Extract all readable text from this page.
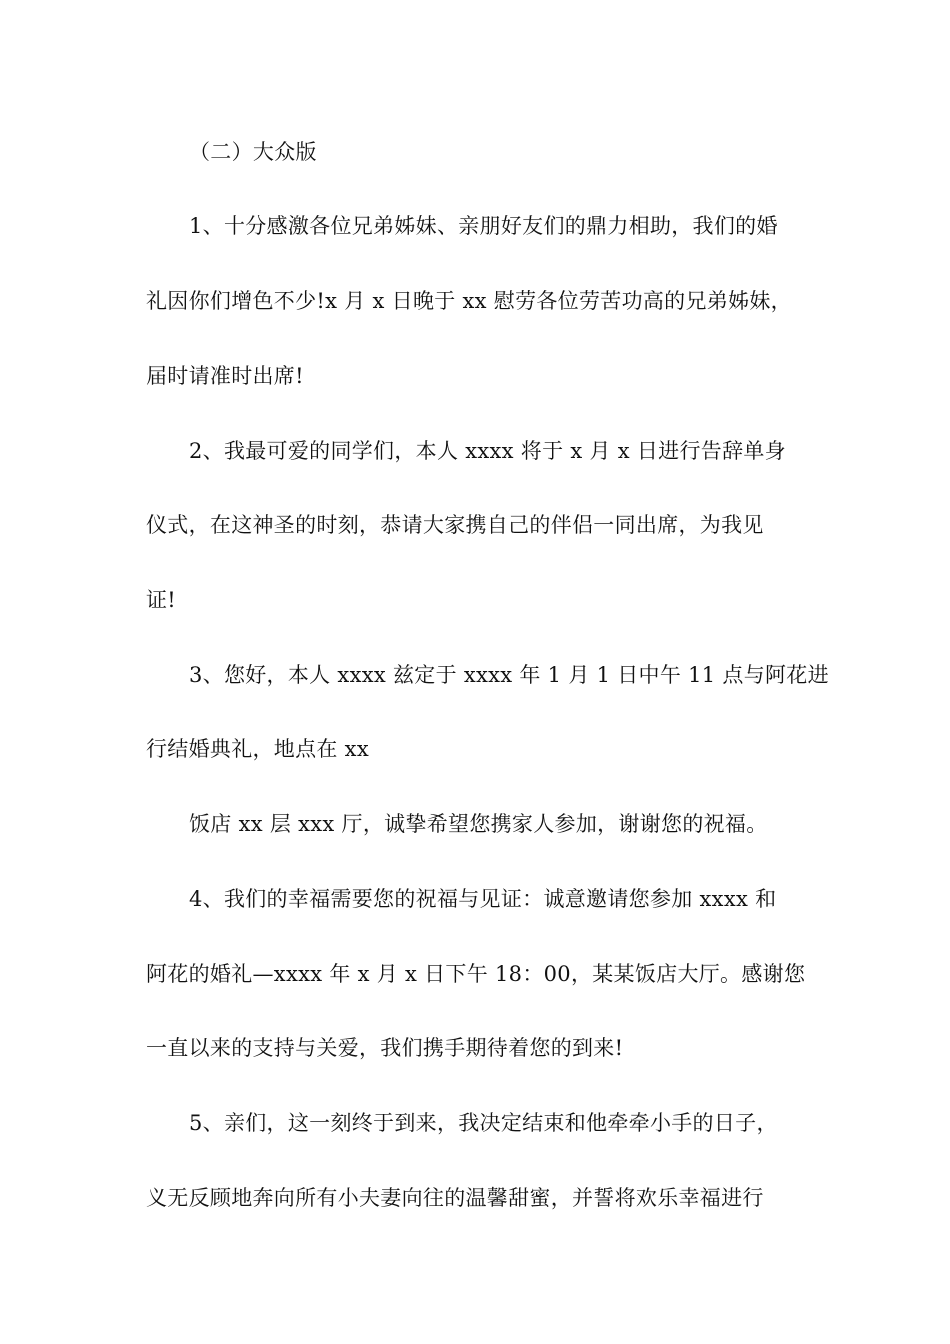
（二）大众版
1、十分感激各位兄弟姊妹、亲朋好友们的鼎力相助，我们的婚
礼因你们增色不少!x 月 x 日晚于 xx 慰劳各位劳苦功高的兄弟姊妹，
届时请准时出席!
2、我最可爱的同学们，本人 xxxx 将于 x 月 x 日进行告辞单身
仪式，在这神圣的时刻，恭请大家携自己的伴侣一同出席，为我见
证!
3、您好，本人 xxxx 兹定于 xxxx 年 1 月 1 日中午 11 点与阿花进
行结婚典礼，地点在 xx
饭店 xx 层 xxx 厅，诚挚希望您携家人参加，谢谢您的祝福。
4、我们的幸福需要您的祝福与见证：诚意邀请您参加 xxxx 和
阿花的婚礼—xxxx 年 x 月 x 日下午 18：00，某某饭店大厅。感谢您
一直以来的支持与关爱，我们携手期待着您的到来!
5、亲们，这一刻终于到来，我决定结束和他牵牵小手的日子，
义无反顾地奔向所有小夫妻向往的温馨甜蜜，并誓将欢乐幸福进行
